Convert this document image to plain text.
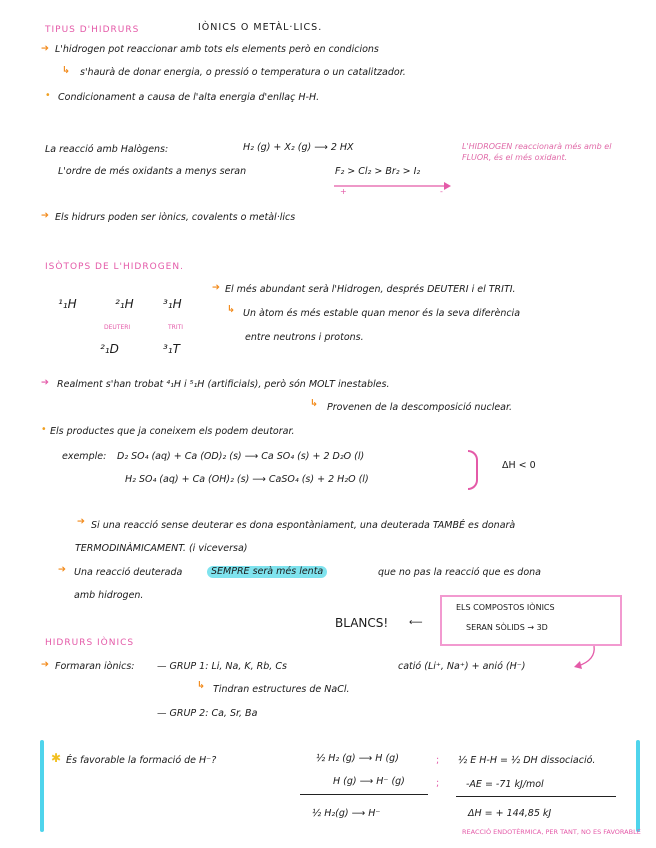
TIPUS D'HIDRURS	IÒNICS O METÀL·LICS.
➔ L'hidrogen pot reaccionar amb tots els elements però en condicions
↳ s'haurà de donar energia, o pressió o temperatura o un catalitzador.
• Condicionament a causa de l'alta energia d'enllaç H-H.
La reacció amb Halògens:	H₂ (g) + X₂ (g) ⟶ 2 HX
L'ordre de més oxidants a menys seran	F₂ > Cl₂ > Br₂ > I₂
+	-
L'HIDROGEN reaccionarà més amb el FLUOR, és el més oxidant.
➔ Els hidrurs poden ser iònics, covalents o metàl·lics
ISÒTOPS DE L'HIDROGEN.
¹₁H	²₁H ³₁H
DEUTERI	TRITI
²₁D	³₁T
➔ El més abundant serà l'Hidrogen, després DEUTERI i el TRITI.
↳ Un àtom és més estable quan menor és la seva diferència
entre neutrons i protons.
➔ Realment s'han trobat ⁴₁H i ⁵₁H (artificials), però són MOLT inestables.
↳ Provenen de la descomposició nuclear.
• Els productes que ja coneixem els podem deutorar.
exemple: D₂ SO₄ (aq) + Ca (OD)₂ (s) ⟶ Ca SO₄ (s) + 2 D₂O (l)
H₂ SO₄ (aq) + Ca (OH)₂ (s) ⟶ CaSO₄ (s) + 2 H₂O (l)
ΔH < 0
➔ Si una reacció sense deuterar es dona espontàniament, una deuterada TAMBÉ es donarà
TERMODINÀMICAMENT. (i viceversa)
➔ Una reacció deuterada	SEMPRE serà més lenta	que no pas la reacció que es dona
amb hidrogen.
BLANCS! ⟵
ELS COMPOSTOS IÒNICS
SERAN SÒLIDS → 3D
HIDRURS IÒNICS
➔ Formaran iònics: — GRUP 1: Li, Na, K, Rb, Cs	catió (Li⁺, Na⁺) + anió (H⁻)
↳ Tindran estructures de NaCl.
— GRUP 2: Ca, Sr, Ba
✱ És favorable la formació de H⁻?	½ H₂ (g) ⟶ H (g)
H (g) ⟶ H⁻ (g)
½ H₂(g) ⟶ H⁻
;
;
½ E H-H = ½ DH dissociació.
-AE = -71 kJ/mol
ΔH = + 144,85 kJ
REACCIÓ ENDOTÈRMICA, PER TANT, NO ES FAVORABLE
